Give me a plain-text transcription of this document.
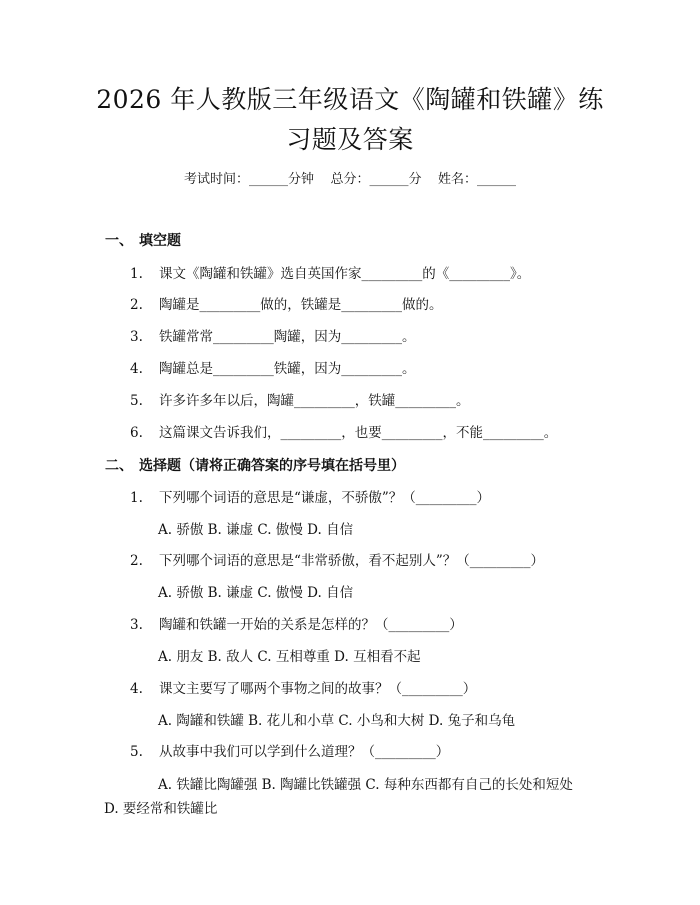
2026 年人教版三年级语文《陶罐和铁罐》练
习题及答案
考试时间：______分钟    总分：______分    姓名：______
一、 填空题
1. 课文《陶罐和铁罐》选自英国作家_________的《_________》。
2. 陶罐是_________做的，铁罐是_________做的。
3. 铁罐常常_________陶罐，因为_________。
4. 陶罐总是_________铁罐，因为_________。
5. 许多许多年以后，陶罐_________，铁罐_________。
6. 这篇课文告诉我们，_________，也要_________，不能_________。
二、 选择题（请将正确答案的序号填在括号里）
1. 下列哪个词语的意思是“谦虚，不骄傲”？（_________）
A. 骄傲 B. 谦虚 C. 傲慢 D. 自信
2. 下列哪个词语的意思是“非常骄傲，看不起别人”？（_________）
A. 骄傲 B. 谦虚 C. 傲慢 D. 自信
3. 陶罐和铁罐一开始的关系是怎样的？（_________）
A. 朋友 B. 敌人 C. 互相尊重 D. 互相看不起
4. 课文主要写了哪两个事物之间的故事？（_________）
A. 陶罐和铁罐 B. 花儿和小草 C. 小鸟和大树 D. 兔子和乌龟
5. 从故事中我们可以学到什么道理？（_________）
A. 铁罐比陶罐强 B. 陶罐比铁罐强 C. 每种东西都有自己的长处和短处
D. 要经常和铁罐比
